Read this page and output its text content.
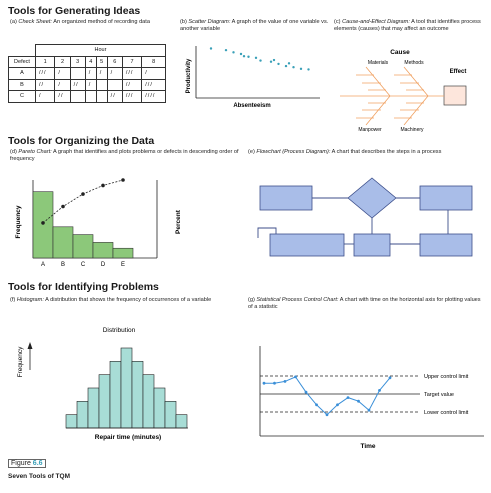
Tools for Generating Ideas
Tools for Organizing the Data
Tools for Identifying Problems
(a) Check Sheet: An organized method of recording data
	Hour							
Defect	1	2	3	4	5	6	7	8
A	///	/		/	/	/	///	/
B	//	/	//	/			//	///
C	/	//				//	///	////
(b) Scatter Diagram: A graph of the value of one variable vs. another variable
Productivity
Absenteeism
(c) Cause-and-Effect Diagram: A tool that identifies process elements (causes) that may affect an outcome
Cause
Materials	Methods
Effect
Manpower	Machinery
(d) Pareto Chart: A graph that identifies and plots problems or defects in descending order of frequency
Frequency	Percent
A	B	C	D	E
(e) Flowchart (Process Diagram): A chart that describes the steps in a process
(f) Histogram: A distribution that shows the frequency of occurrences of a variable
Distribution
Frequency
Repair time (minutes)
(g) Statistical Process Control Chart: A chart with time on the horizontal axis for plotting values of a statistic
Upper control limit
Target value
Lower control limit
Time
Figure 6.6
Seven Tools of TQM
